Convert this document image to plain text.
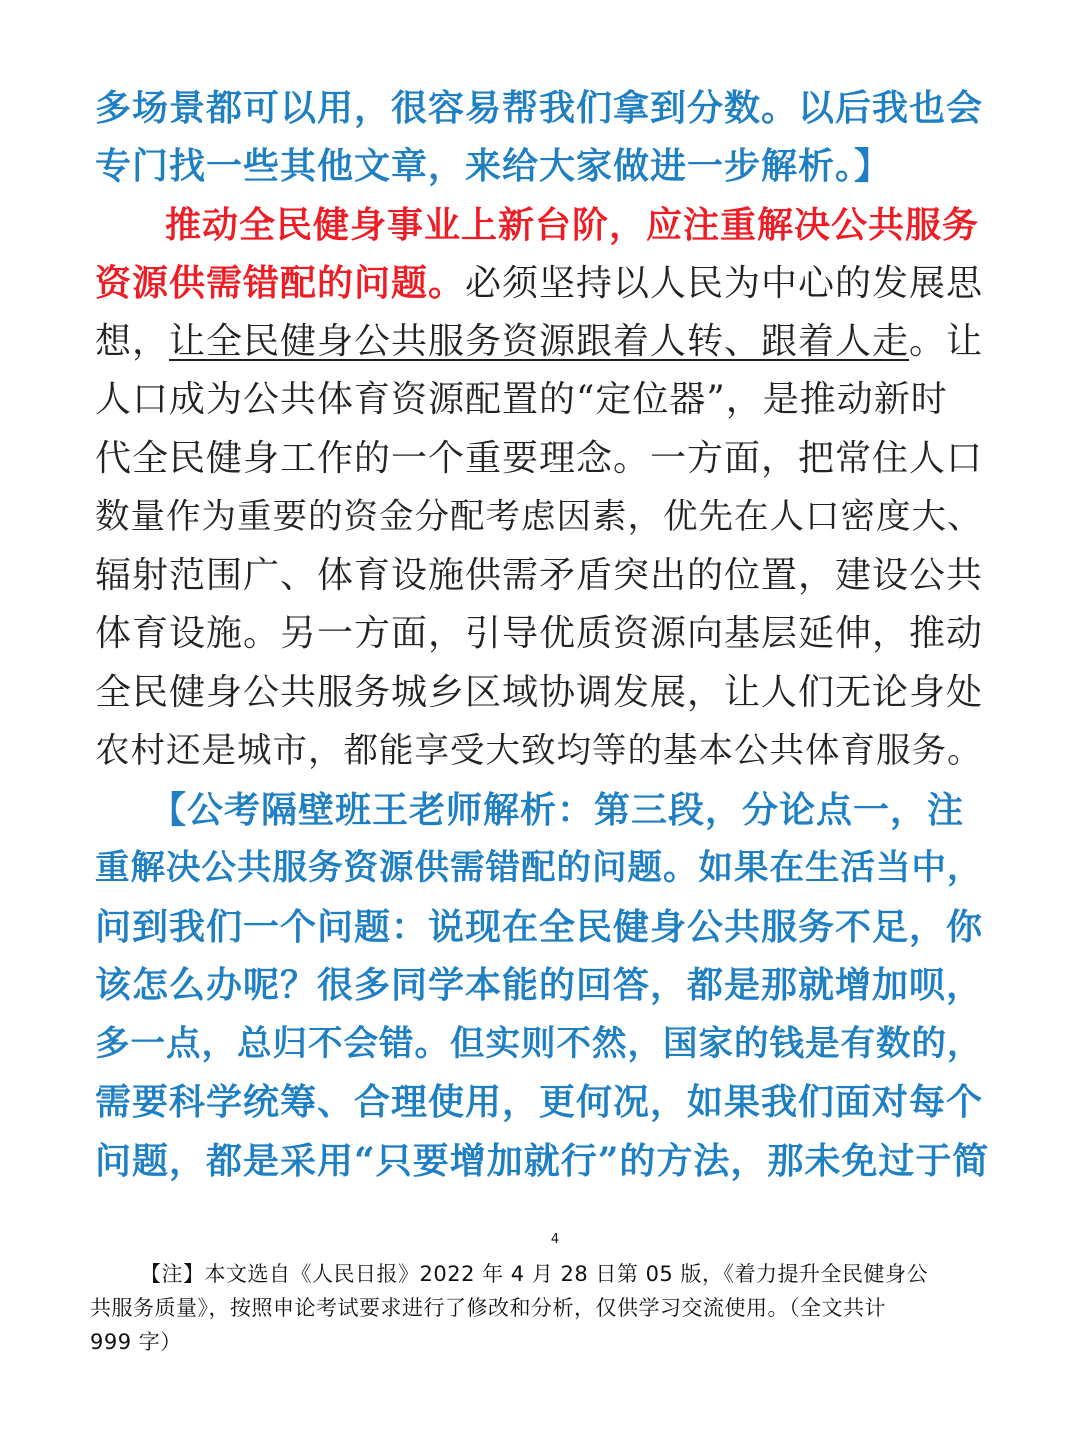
多场景都可以用，很容易帮我们拿到分数。以后我也会
专门找一些其他文章，来给大家做进一步解析。】
推动全民健身事业上新台阶，应注重解决公共服务
资源供需错配的问题。必须坚持以人民为中心的发展思
想，让全民健身公共服务资源跟着人转、跟着人走。让
人口成为公共体育资源配置的“定位器”，是推动新时
代全民健身工作的一个重要理念。一方面，把常住人口
数量作为重要的资金分配考虑因素，优先在人口密度大、
辐射范围广、体育设施供需矛盾突出的位置，建设公共
体育设施。另一方面，引导优质资源向基层延伸，推动
全民健身公共服务城乡区域协调发展，让人们无论身处
农村还是城市，都能享受大致均等的基本公共体育服务。
【公考隔壁班王老师解析：第三段，分论点一，注
重解决公共服务资源供需错配的问题。如果在生活当中，
问到我们一个问题：说现在全民健身公共服务不足，你
该怎么办呢？很多同学本能的回答，都是那就增加呗，
多一点，总归不会错。但实则不然，国家的钱是有数的，
需要科学统筹、合理使用，更何况，如果我们面对每个
问题，都是采用“只要增加就行”的方法，那未免过于简
4
【注】本文选自《人民日报》2022 年 4 月 28 日第 05 版，《着力提升全民健身公
共服务质量》，按照申论考试要求进行了修改和分析，仅供学习交流使用。（全文共计
999 字）
